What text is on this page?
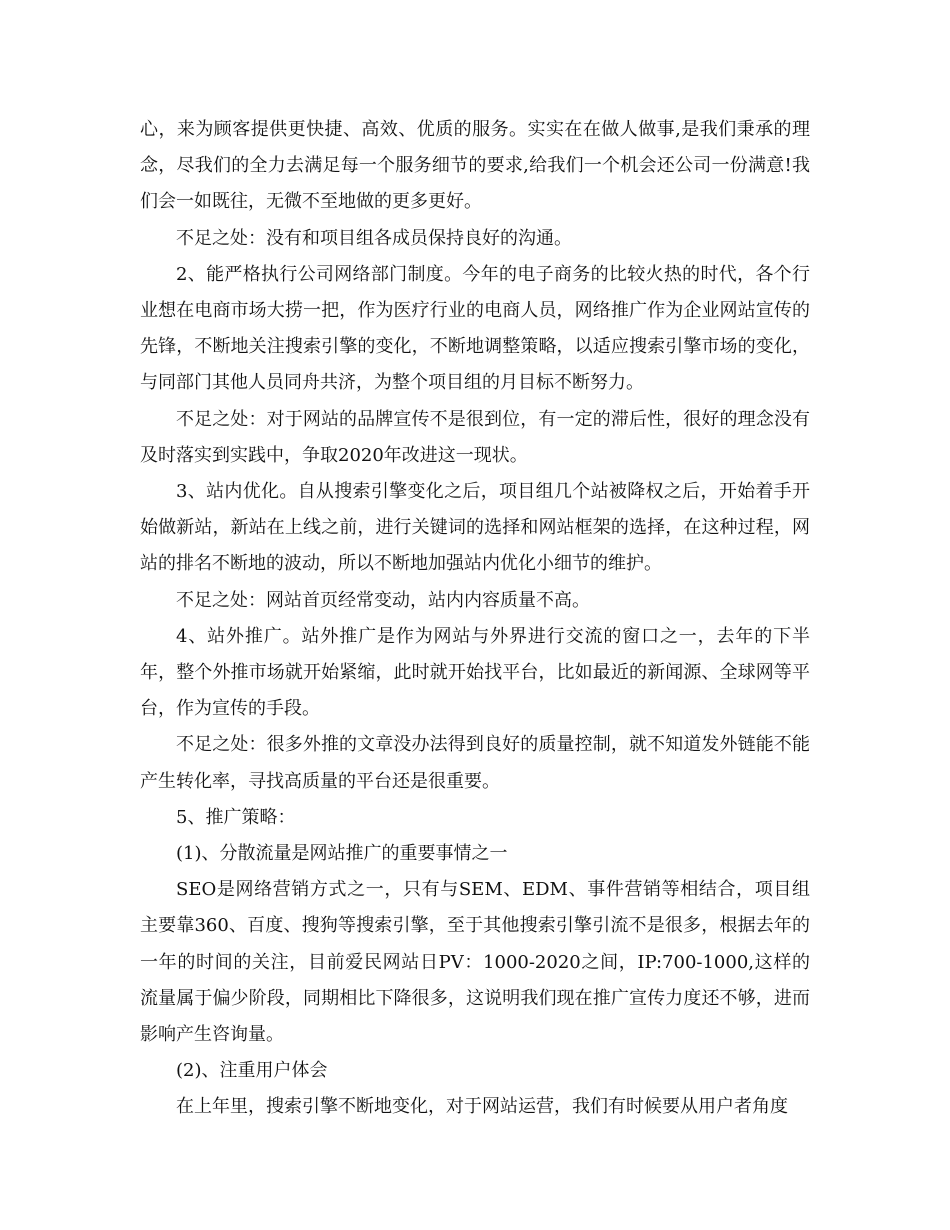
心，来为顾客提供更快捷、高效、优质的服务。实实在在做人做事,是我们秉承的理念，尽我们的全力去满足每一个服务细节的要求,给我们一个机会还公司一份满意!我们会一如既往，无微不至地做的更多更好。

不足之处：没有和项目组各成员保持良好的沟通。

2、能严格执行公司网络部门制度。今年的电子商务的比较火热的时代，各个行业想在电商市场大捞一把，作为医疗行业的电商人员，网络推广作为企业网站宣传的先锋，不断地关注搜索引擎的变化，不断地调整策略，以适应搜索引擎市场的变化，与同部门其他人员同舟共济，为整个项目组的月目标不断努力。

不足之处：对于网站的品牌宣传不是很到位，有一定的滞后性，很好的理念没有及时落实到实践中，争取2020年改进这一现状。

3、站内优化。自从搜索引擎变化之后，项目组几个站被降权之后，开始着手开始做新站，新站在上线之前，进行关键词的选择和网站框架的选择，在这种过程，网站的排名不断地的波动，所以不断地加强站内优化小细节的维护。

不足之处：网站首页经常变动，站内内容质量不高。

4、站外推广。站外推广是作为网站与外界进行交流的窗口之一，去年的下半年，整个外推市场就开始紧缩，此时就开始找平台，比如最近的新闻源、全球网等平台，作为宣传的手段。

不足之处：很多外推的文章没办法得到良好的质量控制，就不知道发外链能不能产生转化率，寻找高质量的平台还是很重要。

5、推广策略：

(1)、分散流量是网站推广的重要事情之一

SEO是网络营销方式之一，只有与SEM、EDM、事件营销等相结合，项目组主要靠360、百度、搜狗等搜索引擎，至于其他搜索引擎引流不是很多，根据去年的一年的时间的关注，目前爱民网站日PV：1000-2020之间，IP:700-1000,这样的流量属于偏少阶段，同期相比下降很多，这说明我们现在推广宣传力度还不够，进而影响产生咨询量。

(2)、注重用户体会

在上年里，搜索引擎不断地变化，对于网站运营，我们有时候要从用户者角度
